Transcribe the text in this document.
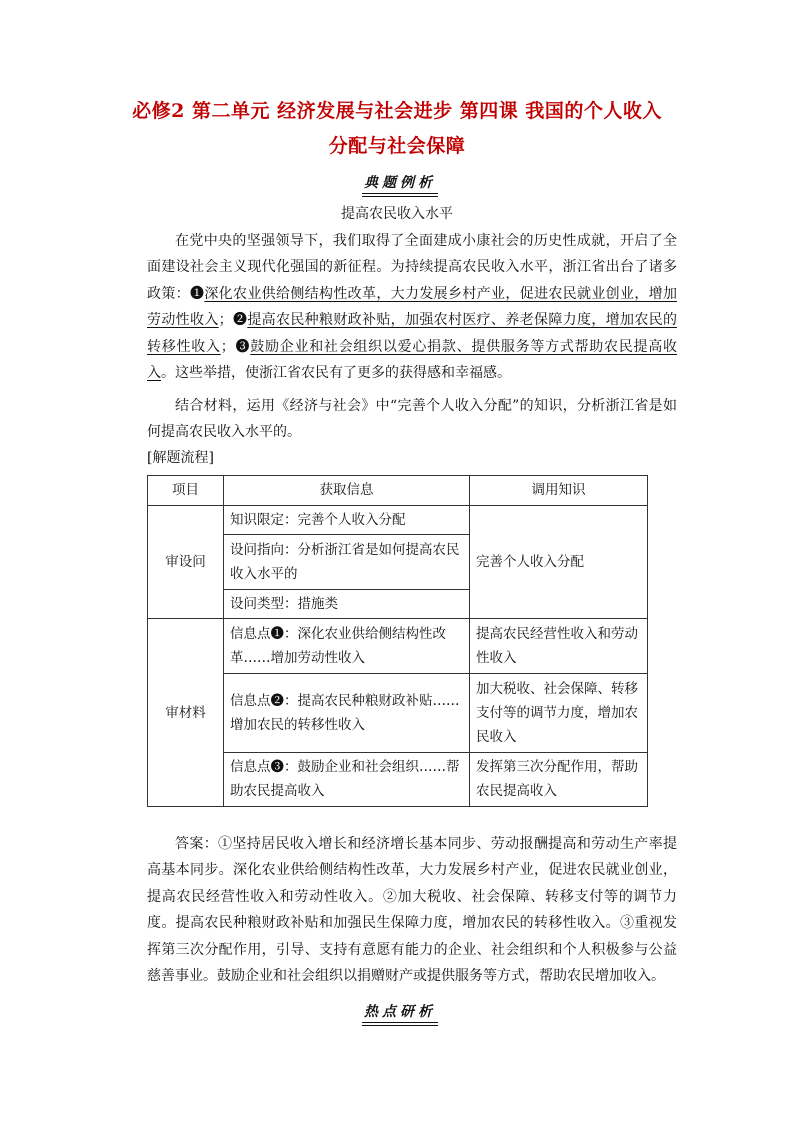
必修2 第二单元 经济发展与社会进步 第四课 我国的个人收入
分配与社会保障
典题例析
提高农民收入水平
在党中央的坚强领导下，我们取得了全面建成小康社会的历史性成就，开启了全面建设社会主义现代化强国的新征程。为持续提高农民收入水平，浙江省出台了诸多政策：❶深化农业供给侧结构性改革，大力发展乡村产业，促进农民就业创业，增加劳动性收入；❷提高农民种粮财政补贴，加强农村医疗、养老保障力度，增加农民的转移性收入；❸鼓励企业和社会组织以爱心捐款、提供服务等方式帮助农民提高收入。这些举措，使浙江省农民有了更多的获得感和幸福感。
结合材料，运用《经济与社会》中“完善个人收入分配”的知识，分析浙江省是如何提高农民收入水平的。
[解题流程]
项目	获取信息	调用知识
审设问	知识限定：完善个人收入分配	完善个人收入分配
	设问指向：分析浙江省是如何提高农民收入水平的	
	设问类型：措施类	
审材料	信息点❶：深化农业供给侧结构性改革……增加劳动性收入	提高农民经营性收入和劳动性收入
	信息点❷：提高农民种粮财政补贴……增加农民的转移性收入	加大税收、社会保障、转移支付等的调节力度，增加农民收入
	信息点❸：鼓励企业和社会组织……帮助农民提高收入	发挥第三次分配作用，帮助农民提高收入
答案：①坚持居民收入增长和经济增长基本同步、劳动报酬提高和劳动生产率提高基本同步。深化农业供给侧结构性改革，大力发展乡村产业，促进农民就业创业，提高农民经营性收入和劳动性收入。②加大税收、社会保障、转移支付等的调节力度。提高农民种粮财政补贴和加强民生保障力度，增加农民的转移性收入。③重视发挥第三次分配作用，引导、支持有意愿有能力的企业、社会组织和个人积极参与公益慈善事业。鼓励企业和社会组织以捐赠财产或提供服务等方式，帮助农民增加收入。
热点研析
